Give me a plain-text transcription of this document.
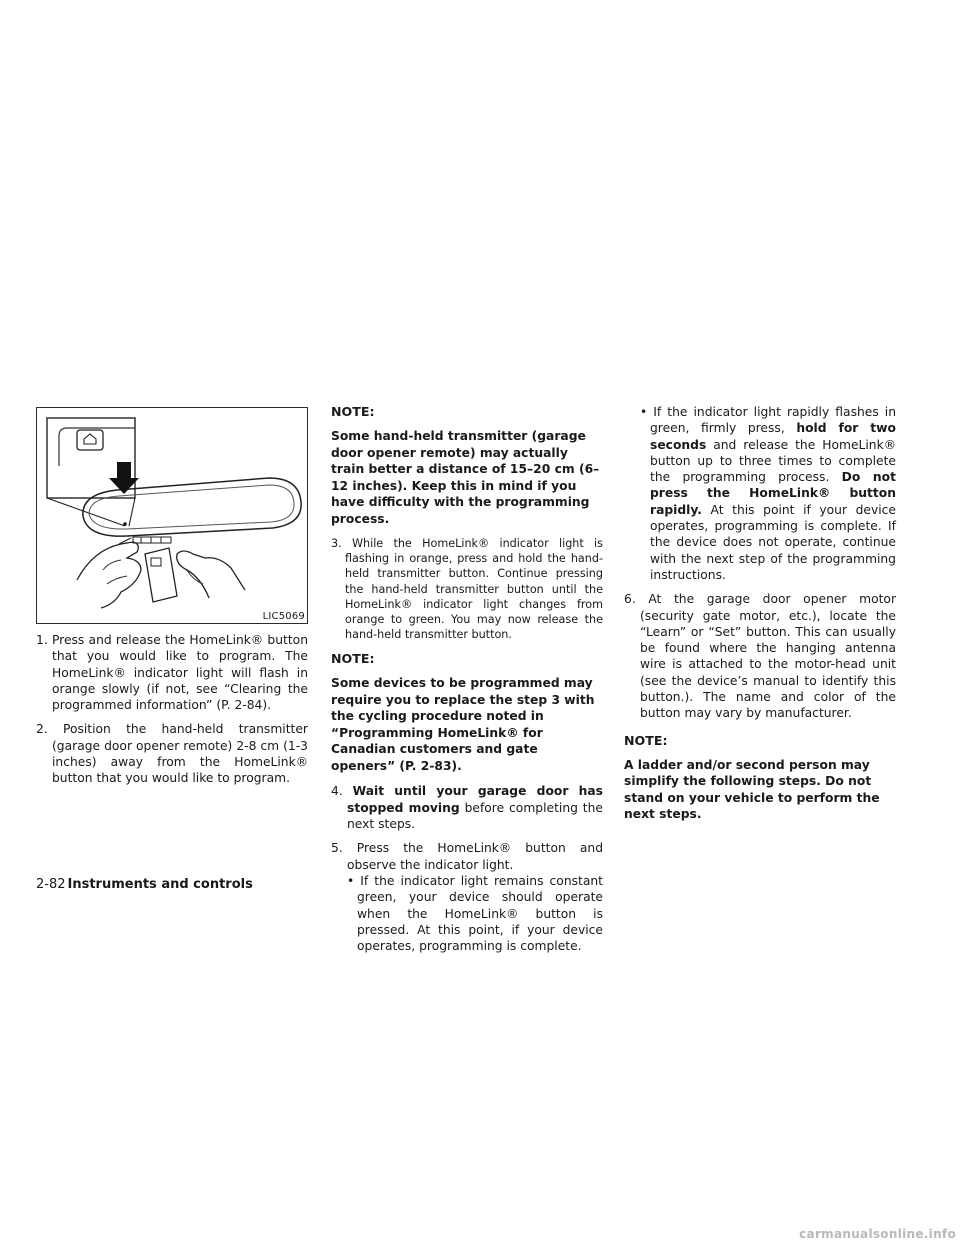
LIC5069

1. Press and release the HomeLink® button that you would like to program. The HomeLink® indicator light will flash in orange slowly (if not, see “Clearing the programmed information” (P. 2-84).

2. Position the hand-held transmitter (garage door opener remote) 2-8 cm (1-3 inches) away from the HomeLink® button that you would like to program.

NOTE:

Some hand-held transmitter (garage door opener remote) may actually train better a distance of 15–20 cm (6–12 inches). Keep this in mind if you have difficulty with the programming process.

3. While the HomeLink® indicator light is flashing in orange, press and hold the hand-held transmitter button. Continue pressing the hand-held transmitter button until the HomeLink® indicator light changes from orange to green. You may now release the hand-held transmitter button.

NOTE:

Some devices to be programmed may require you to replace the step 3 with the cycling procedure noted in “Programming HomeLink® for Canadian customers and gate openers” (P. 2-83).

4. Wait until your garage door has stopped moving before completing the next steps.

5. Press the HomeLink® button and observe the indicator light.

• If the indicator light remains constant green, your device should operate when the HomeLink® button is pressed. At this point, if your device operates, programming is complete.

• If the indicator light rapidly flashes in green, firmly press, hold for two seconds and release the HomeLink® button up to three times to complete the programming process. Do not press the HomeLink® button rapidly. At this point if your device operates, programming is complete. If the device does not operate, continue with the next step of the programming instructions.

6. At the garage door opener motor (security gate motor, etc.), locate the “Learn” or “Set” button. This can usually be found where the hanging antenna wire is attached to the motor-head unit (see the device’s manual to identify this button.). The name and color of the button may vary by manufacturer.

NOTE:

A ladder and/or second person may simplify the following steps. Do not stand on your vehicle to perform the next steps.

2-82 Instruments and controls
carmanualsonline.info
